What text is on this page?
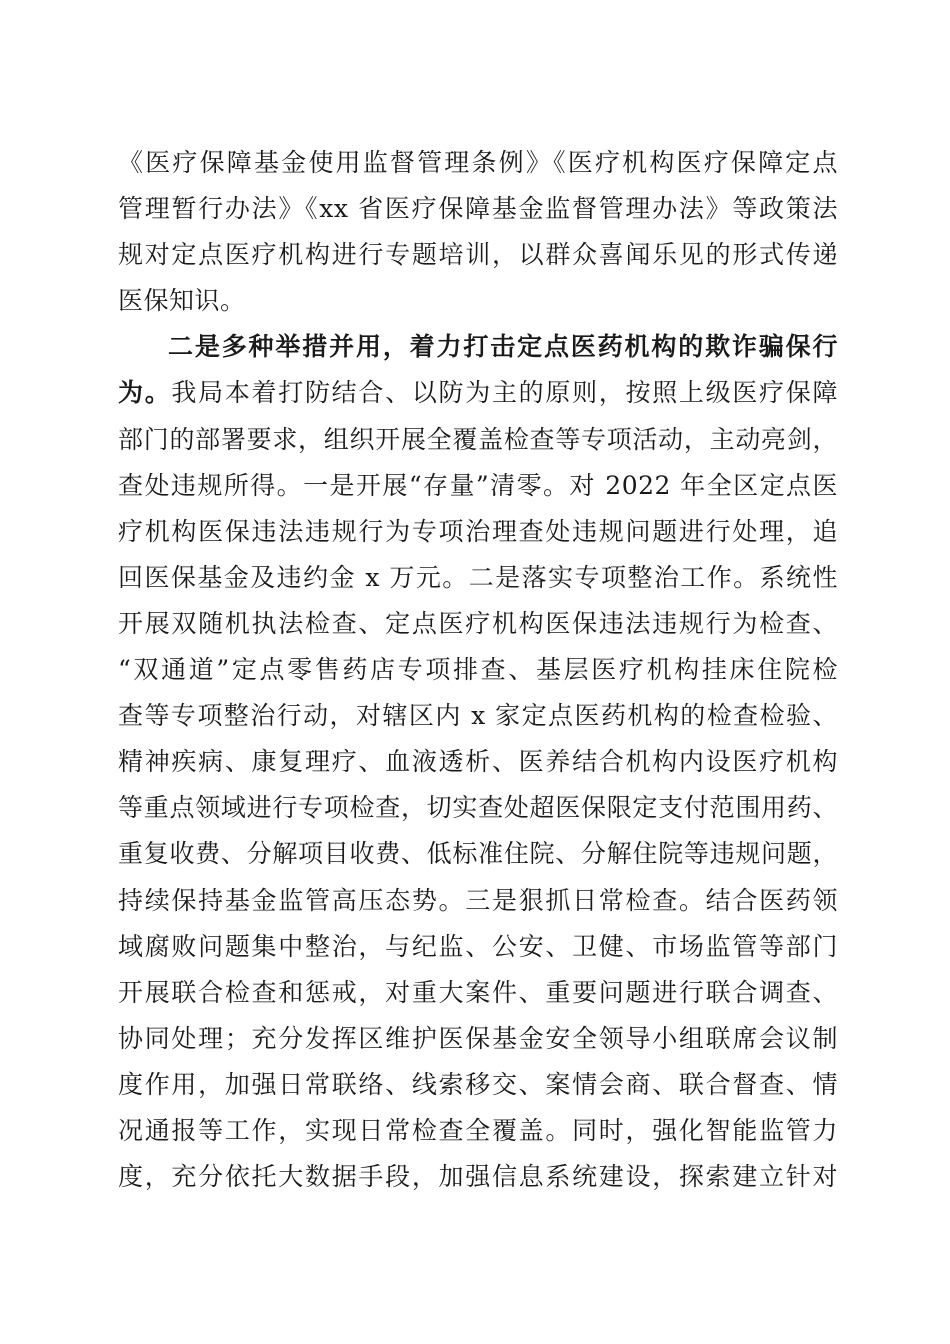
《医疗保障基金使用监督管理条例》《医疗机构医疗保障定点
管理暂行办法》《xx 省医疗保障基金监督管理办法》等政策法
规对定点医疗机构进行专题培训，以群众喜闻乐见的形式传递
医保知识。
二是多种举措并用，着力打击定点医药机构的欺诈骗保行
为。我局本着打防结合、以防为主的原则，按照上级医疗保障
部门的部署要求，组织开展全覆盖检查等专项活动，主动亮剑，
查处违规所得。一是开展“存量”清零。对 2022 年全区定点医
疗机构医保违法违规行为专项治理查处违规问题进行处理，追
回医保基金及违约金 x 万元。二是落实专项整治工作。系统性
开展双随机执法检查、定点医疗机构医保违法违规行为检查、
“双通道”定点零售药店专项排查、基层医疗机构挂床住院检
查等专项整治行动，对辖区内 x 家定点医药机构的检查检验、
精神疾病、康复理疗、血液透析、医养结合机构内设医疗机构
等重点领域进行专项检查，切实查处超医保限定支付范围用药、
重复收费、分解项目收费、低标准住院、分解住院等违规问题，
持续保持基金监管高压态势。三是狠抓日常检查。结合医药领
域腐败问题集中整治，与纪监、公安、卫健、市场监管等部门
开展联合检查和惩戒，对重大案件、重要问题进行联合调查、
协同处理；充分发挥区维护医保基金安全领导小组联席会议制
度作用，加强日常联络、线索移交、案情会商、联合督查、情
况通报等工作，实现日常检查全覆盖。同时，强化智能监管力
度，充分依托大数据手段，加强信息系统建设，探索建立针对
